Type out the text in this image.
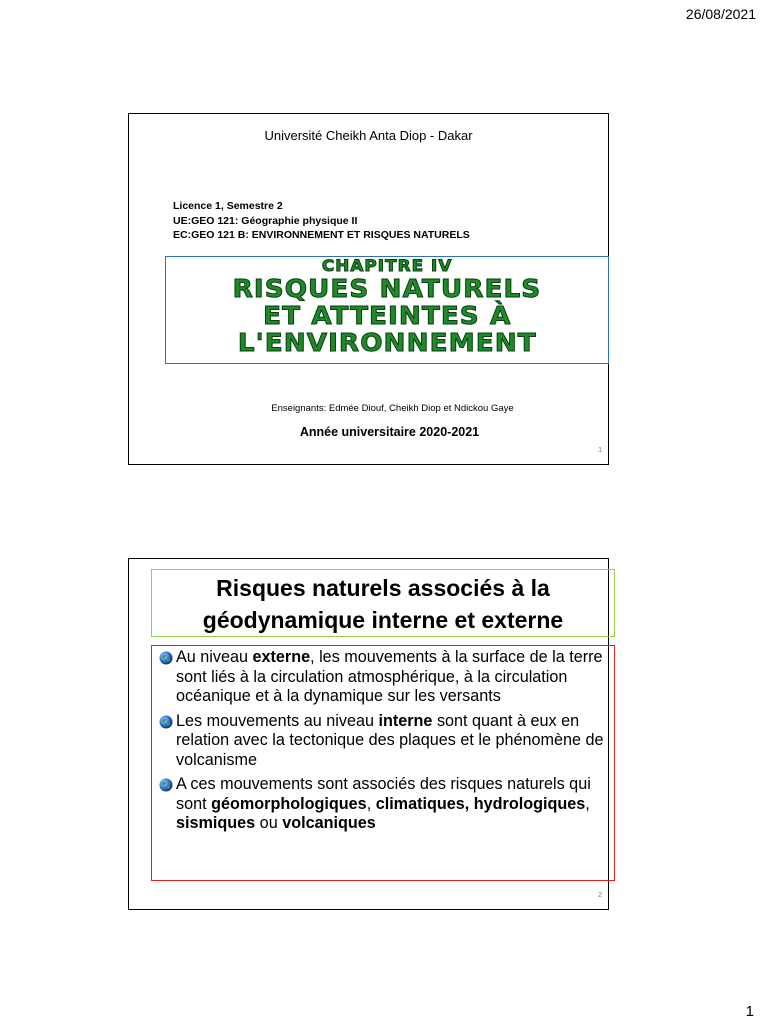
26/08/2021
Université Cheikh Anta Diop - Dakar
Licence 1, Semestre 2
UE:GEO 121: Géographie physique II
EC:GEO 121 B: ENVIRONNEMENT ET RISQUES NATURELS
CHAPITRE IV
RISQUES NATURELS
ET ATTEINTES À
L'ENVIRONNEMENT
Enseignants: Edmée Diouf, Cheikh Diop et Ndickou Gaye
Année universitaire 2020-2021
1
Risques naturels associés à la géodynamique interne et externe
Au niveau externe, les mouvements à la surface de la terre sont liés à la circulation atmosphérique, à la circulation océanique et à la dynamique sur les versants
Les mouvements au niveau interne sont quant à eux en relation avec la tectonique des plaques et le phénomène de volcanisme
A ces mouvements sont associés des risques naturels qui sont géomorphologiques, climatiques, hydrologiques, sismiques ou volcaniques
2
1
